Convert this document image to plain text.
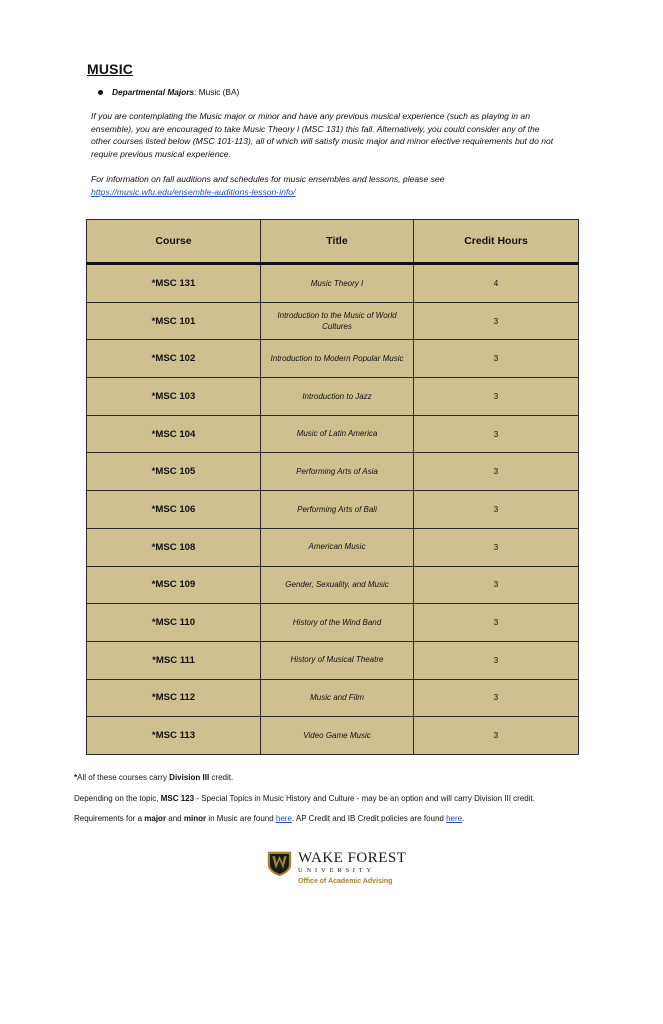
MUSIC
Departmental Majors : Music (BA)

If you are contemplating the Music major or minor and have any previous musical experience (such as playing in an ensemble), you are encouraged to take Music Theory I (MSC 131) this fall. Alternatively, you could consider any of the other courses listed below (MSC 101-113), all of which will satisfy music major and minor elective requirements but do not require previous musical experience.

For information on fall auditions and schedules for music ensembles and lessons, please see
https://music.wfu.edu/ensemble-auditions-lesson-info/

Course	Title	Credit Hours
*MSC 131	Music Theory I	4
*MSC 101	Introduction to the Music of World Cultures	3
*MSC 102	Introduction to Modern Popular Music	3
*MSC 103	Introduction to Jazz	3
*MSC 104	Music of Latin America	3
*MSC 105	Performing Arts of Asia	3
*MSC 106	Performing Arts of Bali	3
*MSC 108	American Music	3
*MSC 109	Gender, Sexuality, and Music	3
*MSC 110	History of the Wind Band	3
*MSC 111	History of Musical Theatre	3
*MSC 112	Music and Film	3
*MSC 113	Video Game Music	3

*All of these courses carry Division III credit.

Depending on the topic, MSC 123 - Special Topics in Music History and Culture - may be an option and will carry Division III credit.

Requirements for a major and minor in Music are found here. AP Credit and IB Credit policies are found here.

WAKE FOREST
UNIVERSITY
Office of Academic Advising
